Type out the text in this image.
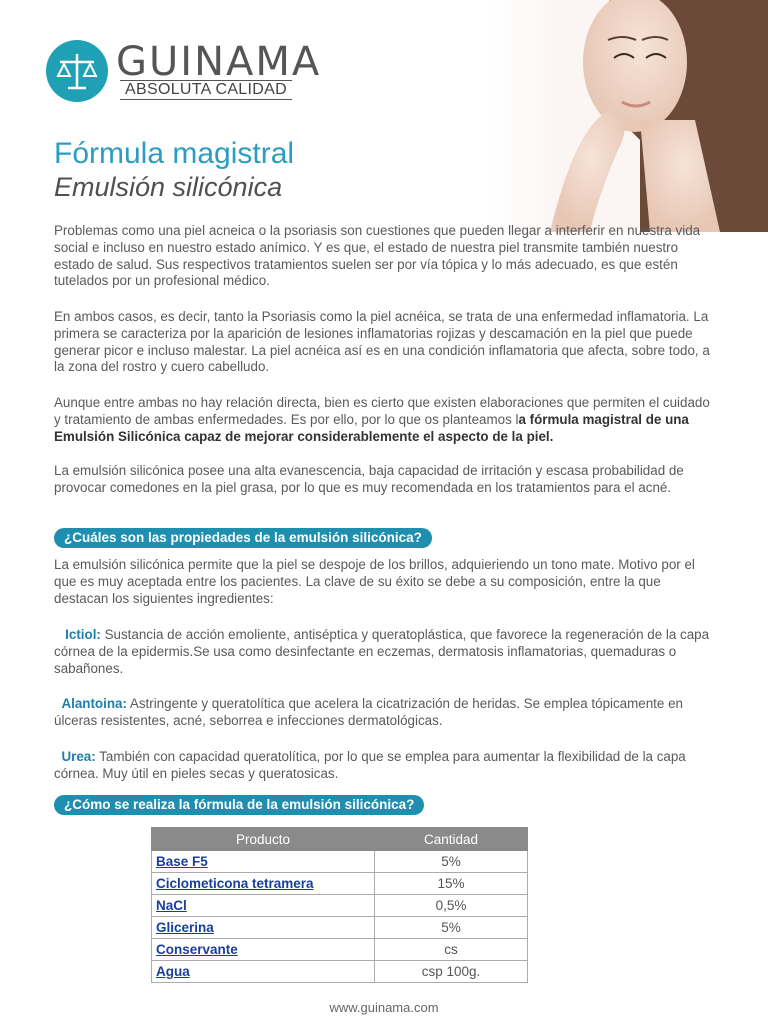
GUINAMA
ABSOLUTA CALIDAD
Fórmula magistral
Emulsión silicónica

Problemas como una piel acneica o la psoriasis son cuestiones que pueden llegar a interferir en nuestra vida social e incluso en nuestro estado anímico. Y es que, el estado de nuestra piel transmite también nuestro estado de salud. Sus respectivos tratamientos suelen ser por vía tópica y lo más adecuado, es que estén tutelados por un profesional médico.

En ambos casos, es decir, tanto la Psoriasis como la piel acnéica, se trata de una enfermedad inflamatoria. La primera se caracteriza por la aparición de lesiones inflamatorias rojizas y descamación en la piel que puede generar picor e incluso malestar. La piel acnéica así es en una condición inflamatoria que afecta, sobre todo, a la zona del rostro y cuero cabelludo.

Aunque entre ambas no hay relación directa, bien es cierto que existen elaboraciones que permiten el cuidado y tratamiento de ambas enfermedades. Es por ello, por lo que os planteamos la fórmula magistral de una Emulsión Silicónica capaz de mejorar considerablemente el aspecto de la piel.

La emulsión silicónica posee una alta evanescencia, baja capacidad de irritación y escasa probabilidad de provocar comedones en la piel grasa, por lo que es muy recomendada en los tratamientos para el acné.

¿Cuáles son las propiedades de la emulsión silicónica?

La emulsión silicónica permite que la piel se despoje de los brillos, adquieriendo un tono mate. Motivo por el que es muy aceptada entre los pacientes. La clave de su éxito se debe a su composición, entre la que destacan los siguientes ingredientes:

Ictiol: Sustancia de acción emoliente, antiséptica y queratoplástica, que favorece la regeneración de la capa córnea de la epidermis.Se usa como desinfectante en eczemas, dermatosis inflamatorias, quemaduras o sabañones.

Alantoina: Astringente y queratolítica que acelera la cicatrización de heridas. Se emplea tópicamente en úlceras resistentes, acné, seborrea e infecciones dermatológicas.

Urea: También con capacidad queratolítica, por lo que se emplea para aumentar la flexibilidad de la capa córnea. Muy útil en pieles secas y queratosicas.

¿Cómo se realiza la fórmula de la emulsión silicónica?
Producto	Cantidad
Base F5	5%
Ciclometicona tetramera	15%
NaCl	0,5%
Glicerina	5%
Conservante	cs
Agua	csp 100g.
www.guinama.com
